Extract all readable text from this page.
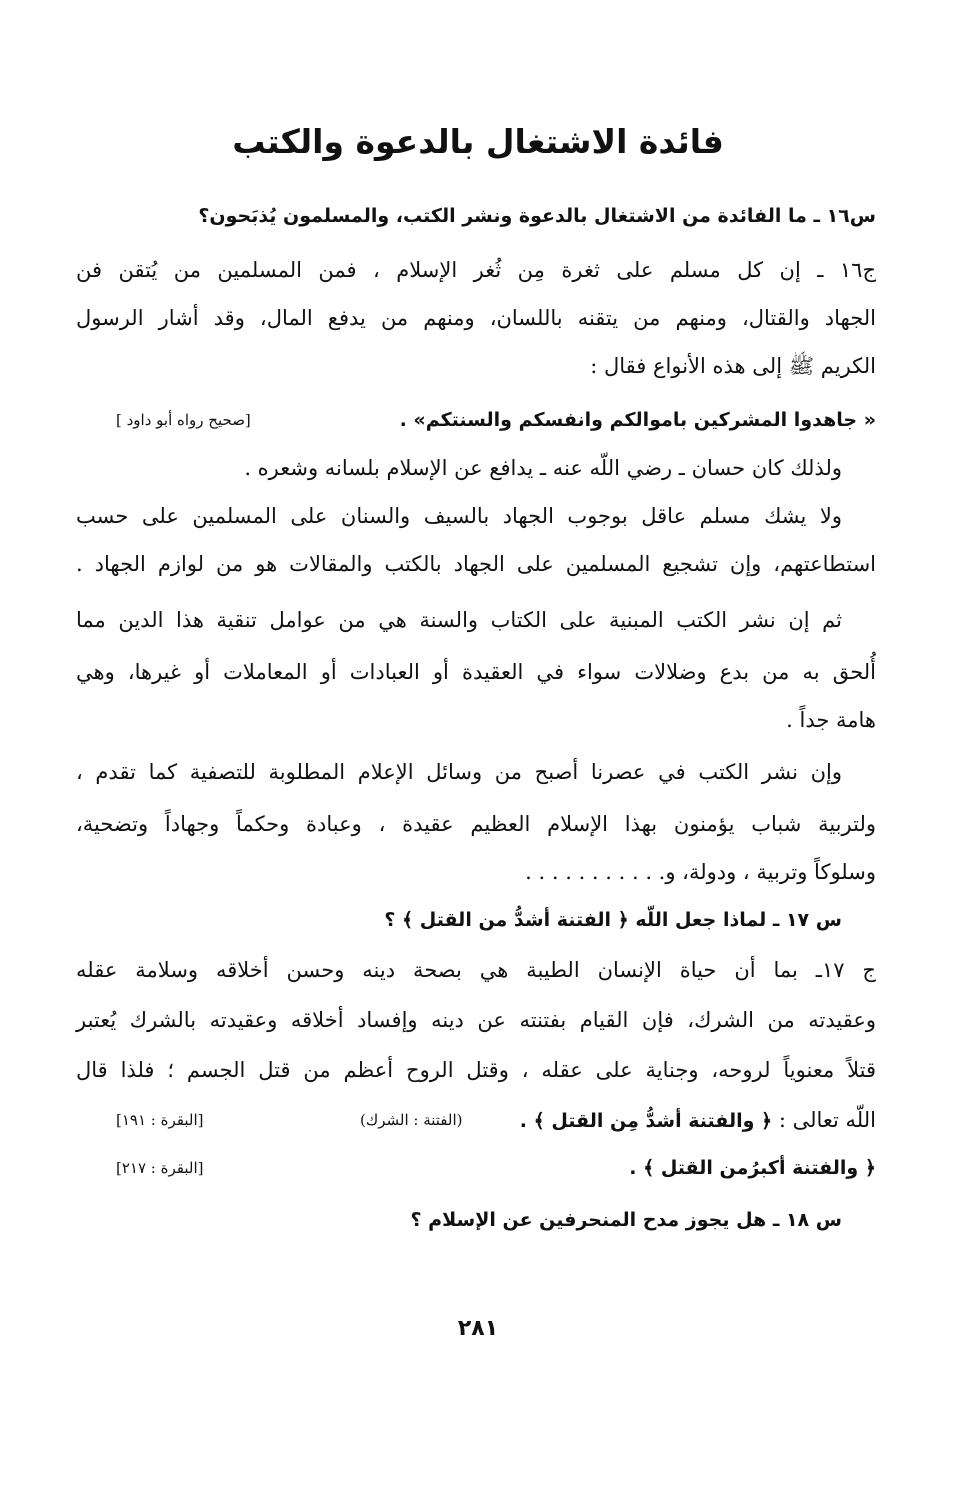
فائدة الاشتغال بالدعوة والكتب
س١٦ ـ ما الفائدة من الاشتغال بالدعوة ونشر الكتب، والمسلمون يُذبَحون؟
ج١٦ ـ إن كل مسلم على ثغرة مِن ثُغر الإسلام ، فمن المسلمين من يُتقن فن
الجهاد والقتال، ومنهم من يتقنه باللسان، ومنهم من يدفع المال، وقد أشار الرسول
الكريم ﷺ إلى هذه الأنواع فقال :
« جاهدوا المشركين باموالكم وانفسكم والسنتكم» .
[صحيح رواه أبو داود ]
ولذلك كان حسان ـ رضي اللّه عنه ـ يدافع عن الإسلام بلسانه وشعره .
ولا يشك مسلم عاقل بوجوب الجهاد بالسيف والسنان على المسلمين على حسب
استطاعتهم، وإن تشجيع المسلمين على الجهاد بالكتب والمقالات هو من لوازم الجهاد .
ثم إن نشر الكتب المبنية على الكتاب والسنة هي من عوامل تنقية هذا الدين مما
أُلحق به من بدع وضلالات سواء في العقيدة أو العبادات أو المعاملات أو غيرها، وهي
هامة جداً .
وإن نشر الكتب في عصرنا أصبح من وسائل الإعلام المطلوبة للتصفية كما تقدم ،
ولتربية شباب يؤمنون بهذا الإسلام العظيم عقيدة ، وعبادة وحكماً وجهاداً وتضحية،
وسلوكاً وتربية ، ودولة، و. . . . . . . . . . .
س ١٧ ـ لماذا جعل اللّه ﴿ الفتنة أشدُّ من القتل ﴾ ؟
ج ١٧ـ بما أن حياة الإنسان الطيبة هي بصحة دينه وحسن أخلاقه وسلامة عقله
وعقيدته من الشرك، فإن القيام بفتنته عن دينه وإفساد أخلاقه وعقيدته بالشرك يُعتبر
قتلاً معنوياً لروحه، وجناية على عقله ، وقتل الروح أعظم من قتل الجسم ؛ فلذا قال
اللّه تعالى : ﴿ والفتنة أشدُّ مِن القتل ﴾ .
(الفتنة : الشرك)
[البقرة : ١٩١]
﴿ والفتنة أكبرُمن القتل ﴾ .
[البقرة : ٢١٧]
س ١٨ ـ هل يجوز مدح المنحرفين عن الإسلام ؟
٢٨١
